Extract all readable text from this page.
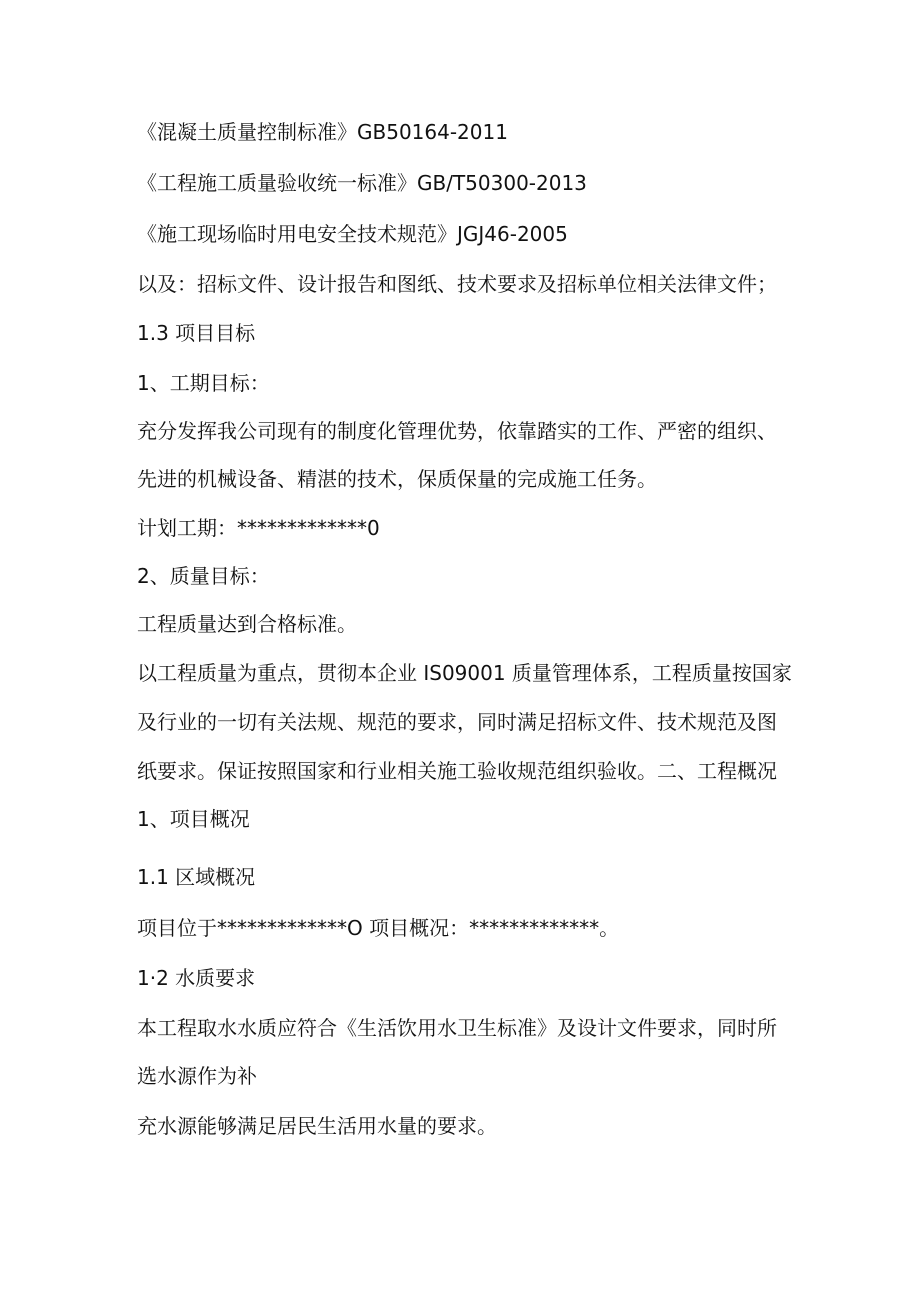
《混凝土质量控制标准》GB50164-2011
《工程施工质量验收统一标准》GB/T50300-2013
《施工现场临时用电安全技术规范》JGJ46-2005
以及：招标文件、设计报告和图纸、技术要求及招标单位相关法律文件；
1.3 项目目标
1、工期目标：
充分发挥我公司现有的制度化管理优势，依靠踏实的工作、严密的组织、
先进的机械设备、精湛的技术，保质保量的完成施工任务。
计划工期：*************0
2、质量目标：
工程质量达到合格标准。
以工程质量为重点，贯彻本企业 IS09001 质量管理体系，工程质量按国家
及行业的一切有关法规、规范的要求，同时满足招标文件、技术规范及图
纸要求。保证按照国家和行业相关施工验收规范组织验收。二、工程概况
1、项目概况
1.1 区域概况
项目位于*************O 项目概况：*************。
1·2 水质要求
本工程取水水质应符合《生活饮用水卫生标准》及设计文件要求，同时所
选水源作为补
充水源能够满足居民生活用水量的要求。
